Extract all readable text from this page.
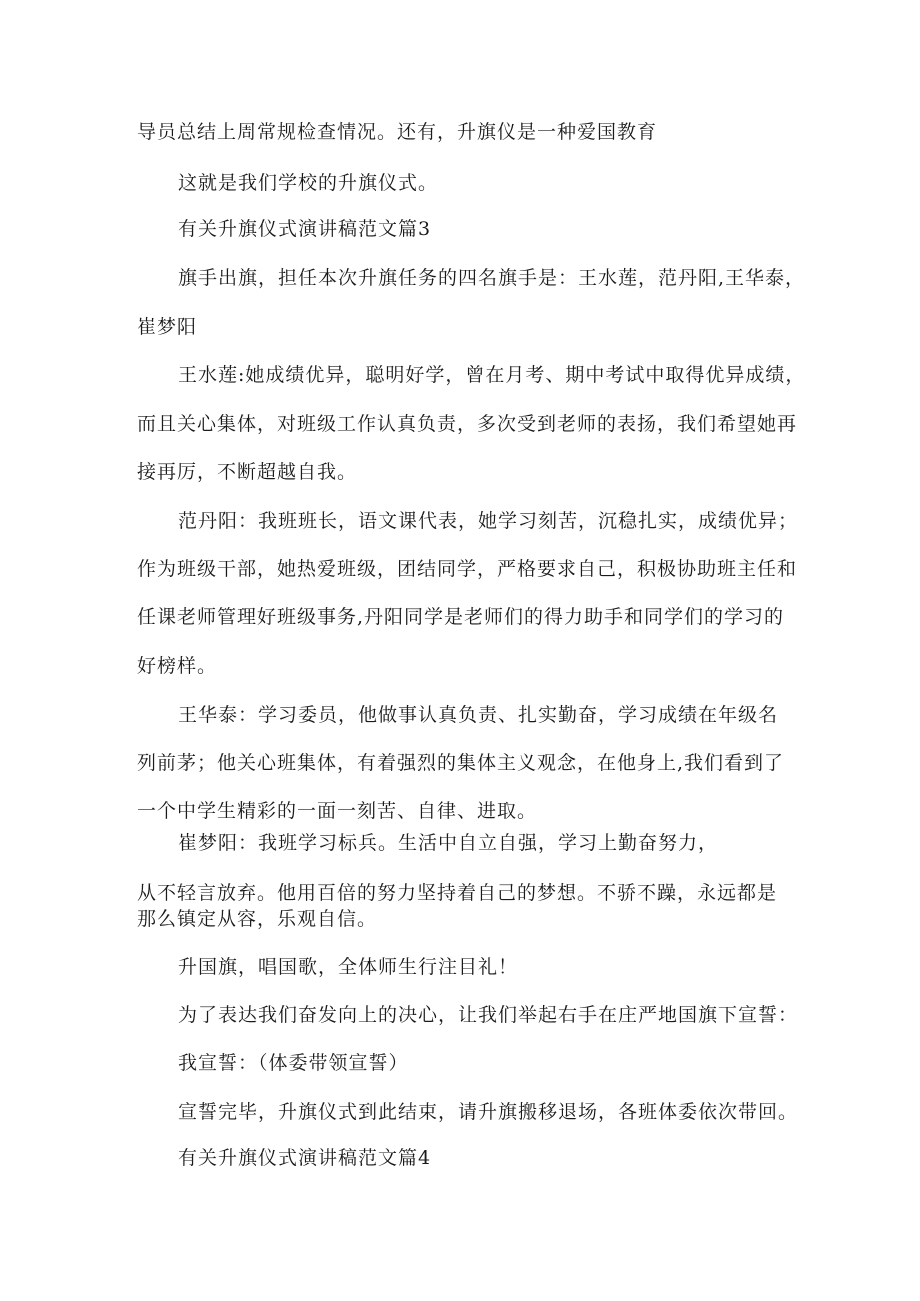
导员总结上周常规检查情况。还有，升旗仪是一种爱国教育
这就是我们学校的升旗仪式。
有关升旗仪式演讲稿范文篇3
旗手出旗，担任本次升旗任务的四名旗手是：王水莲，范丹阳,王华泰，
崔梦阳
王水莲:她成绩优异，聪明好学，曾在月考、期中考试中取得优异成绩，
而且关心集体，对班级工作认真负责，多次受到老师的表扬，我们希望她再
接再厉，不断超越自我。
范丹阳：我班班长，语文课代表，她学习刻苦，沉稳扎实，成绩优异；
作为班级干部，她热爱班级，团结同学，严格要求自己，积极协助班主任和
任课老师管理好班级事务,丹阳同学是老师们的得力助手和同学们的学习的
好榜样。
王华泰：学习委员，他做事认真负责、扎实勤奋，学习成绩在年级名
列前茅；他关心班集体，有着强烈的集体主义观念，在他身上,我们看到了
一个中学生精彩的一面一刻苦、自律、进取。
崔梦阳：我班学习标兵。生活中自立自强，学习上勤奋努力，
从不轻言放弃。他用百倍的努力坚持着自己的梦想。不骄不躁，永远都是
那么镇定从容，乐观自信。
升国旗，唱国歌，全体师生行注目礼！
为了表达我们奋发向上的决心，让我们举起右手在庄严地国旗下宣誓：
我宣誓：（体委带领宣誓）
宣誓完毕，升旗仪式到此结束，请升旗搬移退场，各班体委依次带回。
有关升旗仪式演讲稿范文篇4
